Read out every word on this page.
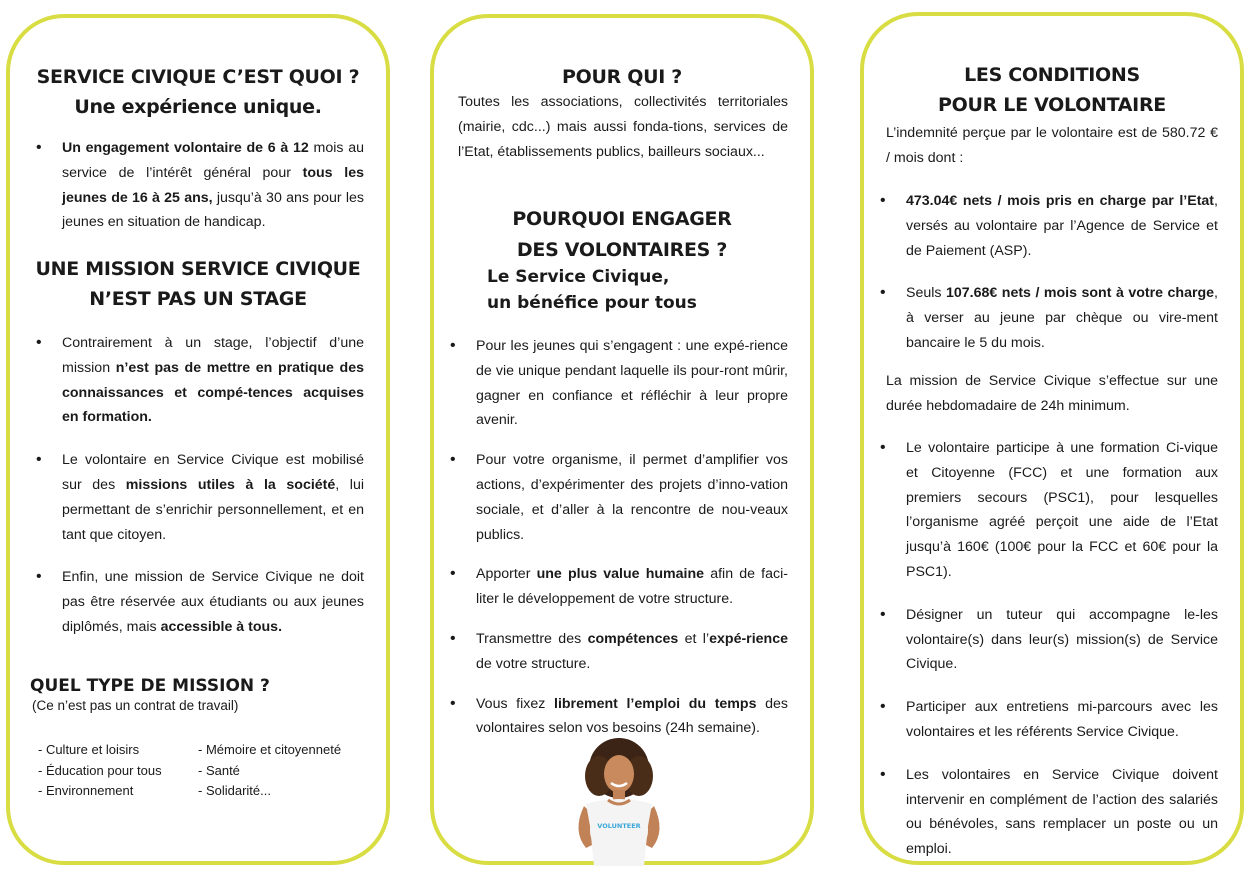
SERVICE CIVIQUE C’EST QUOI ?
Une expérience unique.
• Un engagement volontaire de 6 à 12 mois au service de l’intérêt général pour tous les jeunes de 16 à 25 ans, jusqu’à 30 ans pour les jeunes en situation de handicap.
UNE MISSION SERVICE CIVIQUE
N’EST PAS UN STAGE
• Contrairement à un stage, l’objectif d’une mission n’est pas de mettre en pratique des connaissances et compé-tences acquises en formation.
• Le volontaire en Service Civique est mobilisé sur des missions utiles à la société, lui permettant de s’enrichir personnellement, et en tant que citoyen.
• Enfin, une mission de Service Civique ne doit pas être réservée aux étudiants ou aux jeunes diplômés, mais accessible à tous.
QUEL TYPE DE MISSION ?
(Ce n’est pas un contrat de travail)
- Culture et loisirs	- Mémoire et citoyenneté
- Éducation pour tous	- Santé
- Environnement	- Solidarité...
POUR QUI ?

Toutes les associations, collectivités territoriales (mairie, cdc...) mais aussi fonda-tions, services de l’Etat, établissements publics, bailleurs sociaux...

POURQUOI ENGAGER
DES VOLONTAIRES ?
Le Service Civique,
un bénéfice pour tous
• Pour les jeunes qui s’engagent : une expé-rience de vie unique pendant laquelle ils pour-ront mûrir, gagner en confiance et réfléchir à leur propre avenir.
• Pour votre organisme, il permet d’amplifier vos actions, d’expérimenter des projets d’inno-vation sociale, et d’aller à la rencontre de nou-veaux publics.
• Apporter une plus value humaine afin de faci-liter le développement de votre structure.
• Transmettre des compétences et l’expé-rience de votre structure.
• Vous fixez librement l’emploi du temps des volontaires selon vos besoins (24h semaine).
VOLUNTEER
LES CONDITIONS
POUR LE VOLONTAIRE

L’indemnité perçue par le volontaire est de 580.72 € / mois dont :

• 473.04€ nets / mois pris en charge par l’Etat, versés au volontaire par l’Agence de Service et de Paiement (ASP).
• Seuls 107.68€ nets / mois sont à votre charge, à verser au jeune par chèque ou vire-ment bancaire le 5 du mois.

La mission de Service Civique s’effectue sur une durée hebdomadaire de 24h minimum.

• Le volontaire participe à une formation Ci-vique et Citoyenne (FCC) et une formation aux premiers secours (PSC1), pour lesquelles l’organisme agréé perçoit une aide de l’Etat jusqu’à 160€ (100€ pour la FCC et 60€ pour la PSC1).
• Désigner un tuteur qui accompagne le-les volontaire(s) dans leur(s) mission(s) de Service Civique.
• Participer aux entretiens mi-parcours avec les volontaires et les référents Service Civique.
• Les volontaires en Service Civique doivent intervenir en complément de l’action des salariés ou bénévoles, sans remplacer un poste ou un emploi.
